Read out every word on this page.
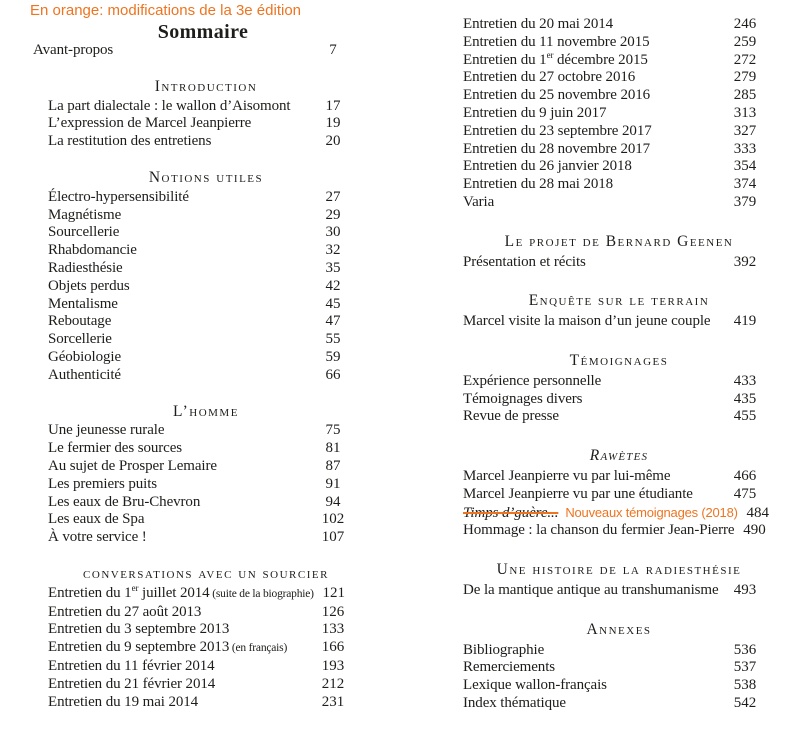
En orange: modifications de la 3e édition
Sommaire
Avant-propos	7
Introduction
La part dialectale : le wallon d’Aisomont	17
L’expression de Marcel Jeanpierre	19
La restitution des entretiens	20
Notions utiles
Électro-hypersensibilité	27
Magnétisme	29
Sourcellerie	30
Rhabdomancie	32
Radiesthésie	35
Objets perdus	42
Mentalisme	45
Reboutage	47
Sorcellerie	55
Géobiologie	59
Authenticité	66
L’homme
Une jeunesse rurale	75
Le fermier des sources	81
Au sujet de Prosper Lemaire	87
Les premiers puits	91
Les eaux de Bru-Chevron	94
Les eaux de Spa	102
À votre service !	107
conversations avec un sourcier
Entretien du 1er juillet 2014 (suite de la biographie) 121
Entretien du 27 août 2013	126
Entretien du 3 septembre 2013	133
Entretien du 9 septembre 2013 (en français)	166
Entretien du 11 février 2014	193
Entretien du 21 février 2014	212
Entretien du 19 mai 2014	231
Entretien du 20 mai 2014	246
Entretien du 11 novembre 2015	259
Entretien du 1er décembre 2015	272
Entretien du 27 octobre 2016	279
Entretien du 25 novembre 2016	285
Entretien du 9 juin 2017	313
Entretien du 23 septembre 2017	327
Entretien du 28 novembre 2017	333
Entretien du 26 janvier 2018	354
Entretien du 28 mai 2018	374
Varia	379
Le projet de Bernard Geenen
Présentation et récits	392
Enquête sur le terrain
Marcel visite la maison d’un jeune couple	419
Témoignages
Expérience personnelle	433
Témoignages divers	435
Revue de presse	455
Rawètes
Marcel Jeanpierre vu par lui-même	466
Marcel Jeanpierre vu par une étudiante	475
Timps d’guère... Nouveaux témoignages (2018) 484
Hommage : la chanson du fermier Jean-Pierre 490
Une histoire de la radiesthésie
De la mantique antique au transhumanisme	493
Annexes
Bibliographie	536
Remerciements	537
Lexique wallon-français	538
Index thématique	542
